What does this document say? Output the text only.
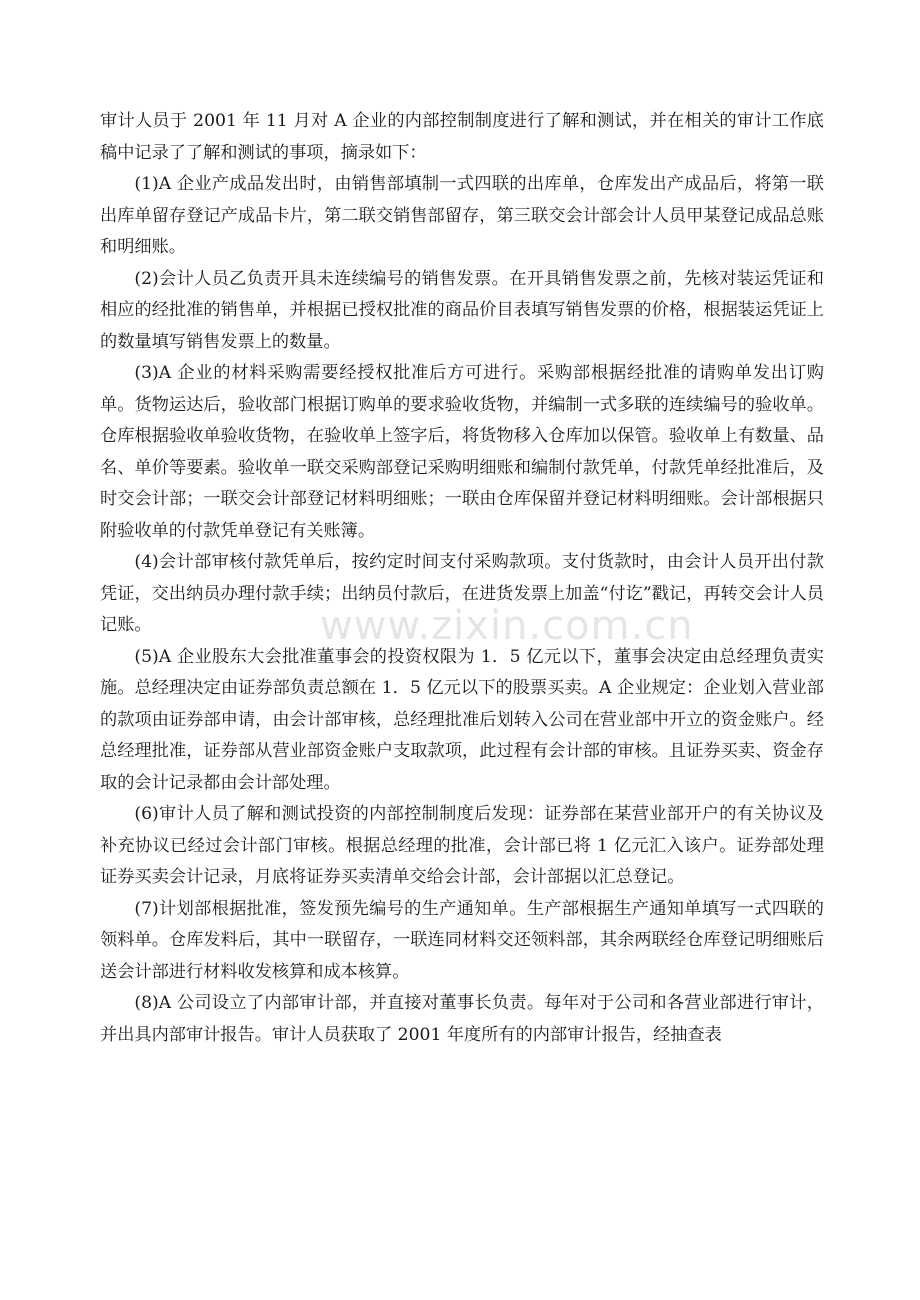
审计人员于 2001 年 11 月对 A 企业的内部控制制度进行了解和测试，并在相关的审计工作底稿中记录了了解和测试的事项，摘录如下：

(1)A 企业产成品发出时，由销售部填制一式四联的出库单，仓库发出产成品后，将第一联出库单留存登记产成品卡片，第二联交销售部留存，第三联交会计部会计人员甲某登记成品总账和明细账。

(2)会计人员乙负责开具未连续编号的销售发票。在开具销售发票之前，先核对装运凭证和相应的经批准的销售单，并根据已授权批准的商品价目表填写销售发票的价格，根据装运凭证上的数量填写销售发票上的数量。

(3)A 企业的材料采购需要经授权批准后方可进行。采购部根据经批准的请购单发出订购单。货物运达后，验收部门根据订购单的要求验收货物，并编制一式多联的连续编号的验收单。仓库根据验收单验收货物，在验收单上签字后，将货物移入仓库加以保管。验收单上有数量、品名、单价等要素。验收单一联交采购部登记采购明细账和编制付款凭单，付款凭单经批准后，及时交会计部；一联交会计部登记材料明细账；一联由仓库保留并登记材料明细账。会计部根据只附验收单的付款凭单登记有关账簿。

(4)会计部审核付款凭单后，按约定时间支付采购款项。支付货款时，由会计人员开出付款凭证，交出纳员办理付款手续；出纳员付款后，在进货发票上加盖“付讫”戳记，再转交会计人员记账。

(5)A 企业股东大会批准董事会的投资权限为 1．5 亿元以下，董事会决定由总经理负责实施。总经理决定由证券部负责总额在 1．5 亿元以下的股票买卖。A 企业规定：企业划入营业部的款项由证券部申请，由会计部审核，总经理批准后划转入公司在营业部中开立的资金账户。经总经理批准，证券部从营业部资金账户支取款项，此过程有会计部的审核。且证券买卖、资金存取的会计记录都由会计部处理。

(6)审计人员了解和测试投资的内部控制制度后发现：证券部在某营业部开户的有关协议及补充协议已经过会计部门审核。根据总经理的批准，会计部已将 1 亿元汇入该户。证券部处理证券买卖会计记录，月底将证券买卖清单交给会计部，会计部据以汇总登记。

(7)计划部根据批准，签发预先编号的生产通知单。生产部根据生产通知单填写一式四联的领料单。仓库发料后，其中一联留存，一联连同材料交还领料部，其余两联经仓库登记明细账后送会计部进行材料收发核算和成本核算。

(8)A 公司设立了内部审计部，并直接对董事长负责。每年对于公司和各营业部进行审计，并出具内部审计报告。审计人员获取了 2001 年度所有的内部审计报告，经抽查表

www.zixin.com.cn
